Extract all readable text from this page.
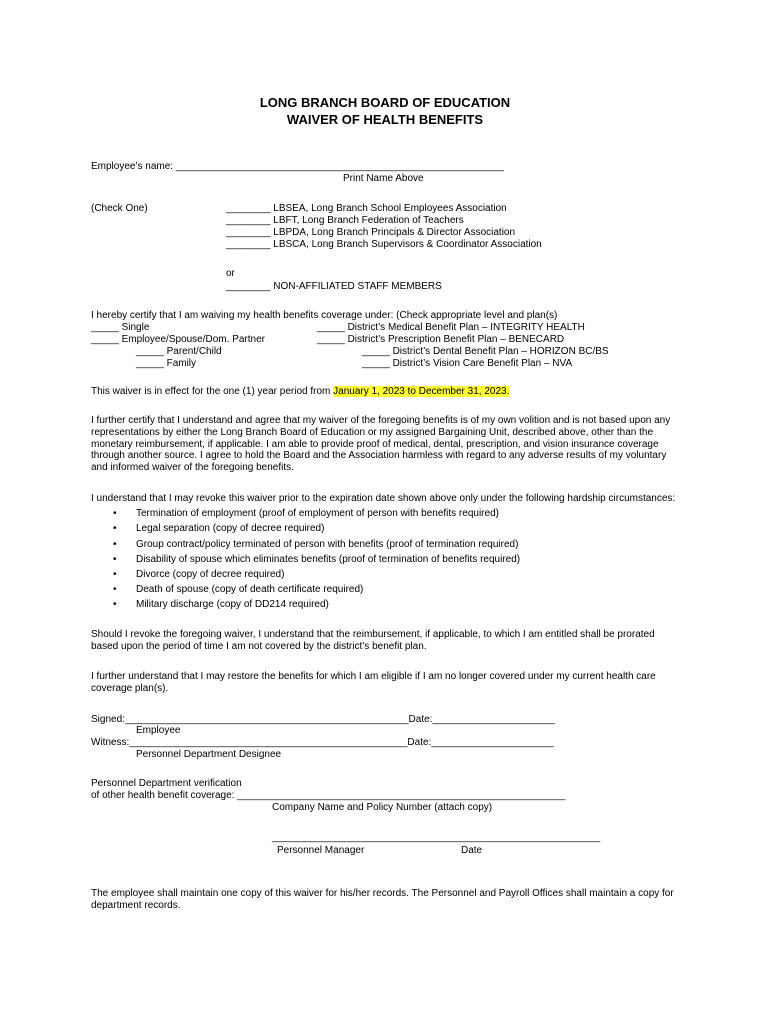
LONG BRANCH BOARD OF EDUCATION
WAIVER OF HEALTH BENEFITS
Employee’s name: ___________________________________________________________
Print Name Above
(Check One)	________ LBSEA, Long Branch School Employees Association
________ LBFT, Long Branch Federation of Teachers
________ LBPDA, Long Branch Principals & Director Association
________ LBSCA, Long Branch Supervisors & Coordinator Association
or
________ NON-AFFILIATED STAFF MEMBERS
I hereby certify that I am waiving my health benefits coverage under: (Check appropriate level and plan(s)
_____ Single
_____ Employee/Spouse/Dom. Partner
_____ Parent/Child
_____ Family
_____ District’s Medical Benefit Plan – INTEGRITY HEALTH
_____ District’s Prescription Benefit Plan – BENECARD
_____ District’s Dental Benefit Plan – HORIZON BC/BS
_____ District’s Vision Care Benefit Plan – NVA
This waiver is in effect for the one (1) year period from January 1, 2023 to December 31, 2023.
I further certify that I understand and agree that my waiver of the foregoing benefits is of my own volition and is not based upon any representations by either the Long Branch Board of Education or my assigned Bargaining Unit, described above, other than the monetary reimbursement, if applicable. I am able to provide proof of medical, dental, prescription, and vision insurance coverage through another source. I agree to hold the Board and the Association harmless with regard to any adverse results of my voluntary and informed waiver of the foregoing benefits.
I understand that I may revoke this waiver prior to the expiration date shown above only under the following hardship circumstances:
• Termination of employment (proof of employment of person with benefits required)
• Legal separation (copy of decree required)
• Group contract/policy terminated of person with benefits (proof of termination required)
• Disability of spouse which eliminates benefits (proof of termination of benefits required)
• Divorce (copy of decree required)
• Death of spouse (copy of death certificate required)
• Military discharge (copy of DD214 required)
Should I revoke the foregoing waiver, I understand that the reimbursement, if applicable, to which I am entitled shall be prorated based upon the period of time I am not covered by the district’s benefit plan.
I further understand that I may restore the benefits for which I am eligible if I am no longer covered under my current health care coverage plan(s).
Signed:___________________________________________________Date:______________________
Employee
Witness:__________________________________________________Date:______________________
Personnel Department Designee
Personnel Department verification
of other health benefit coverage: ___________________________________________________________
Company Name and Policy Number (attach copy)
___________________________________________________________
Personnel Manager	Date
The employee shall maintain one copy of this waiver for his/her records. The Personnel and Payroll Offices shall maintain a copy for department records.
